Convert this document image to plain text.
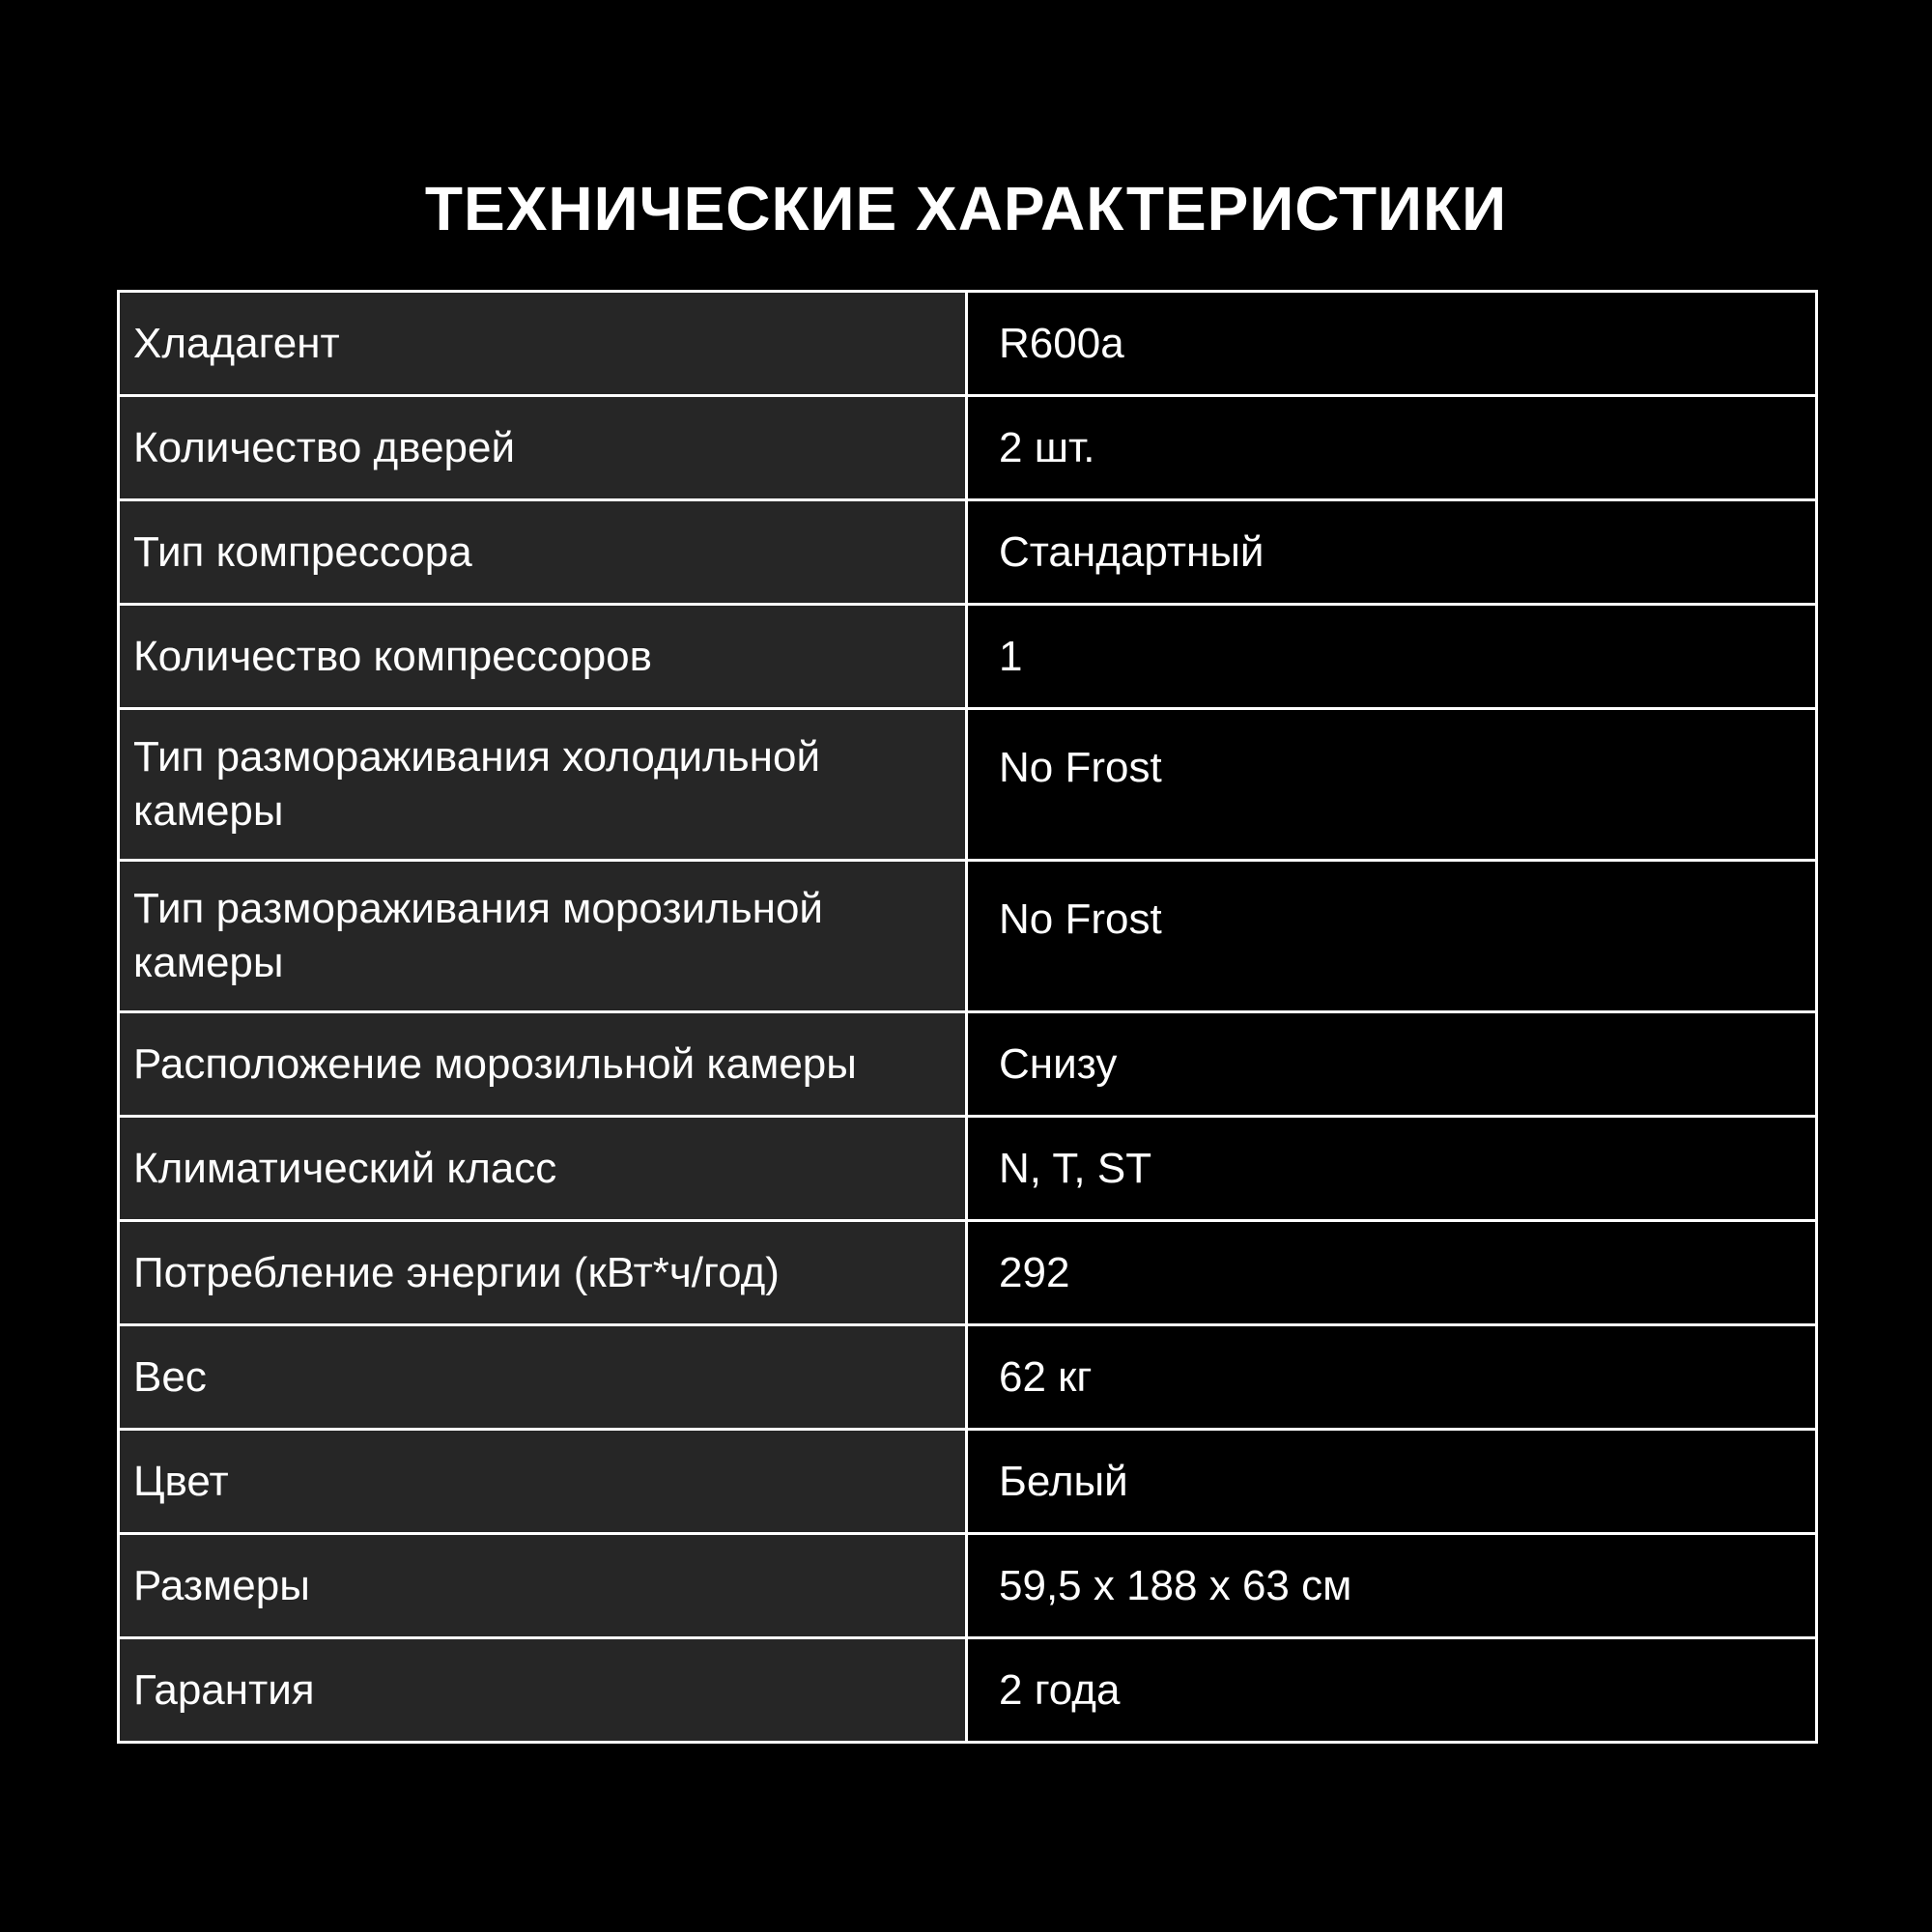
ТЕХНИЧЕСКИЕ ХАРАКТЕРИСТИКИ
Хладагент	R600a
Количество дверей	2 шт.
Тип компрессора	Стандартный
Количество компрессоров	1
Тип размораживания холодильной камеры	No Frost
Тип размораживания морозильной камеры	No Frost
Расположение морозильной камеры	Снизу
Климатический класс	N, T, ST
Потребление энергии (кВт*ч/год)	292
Вес	62 кг
Цвет	Белый
Размеры	59,5 x 188 x 63 см
Гарантия	2 года
